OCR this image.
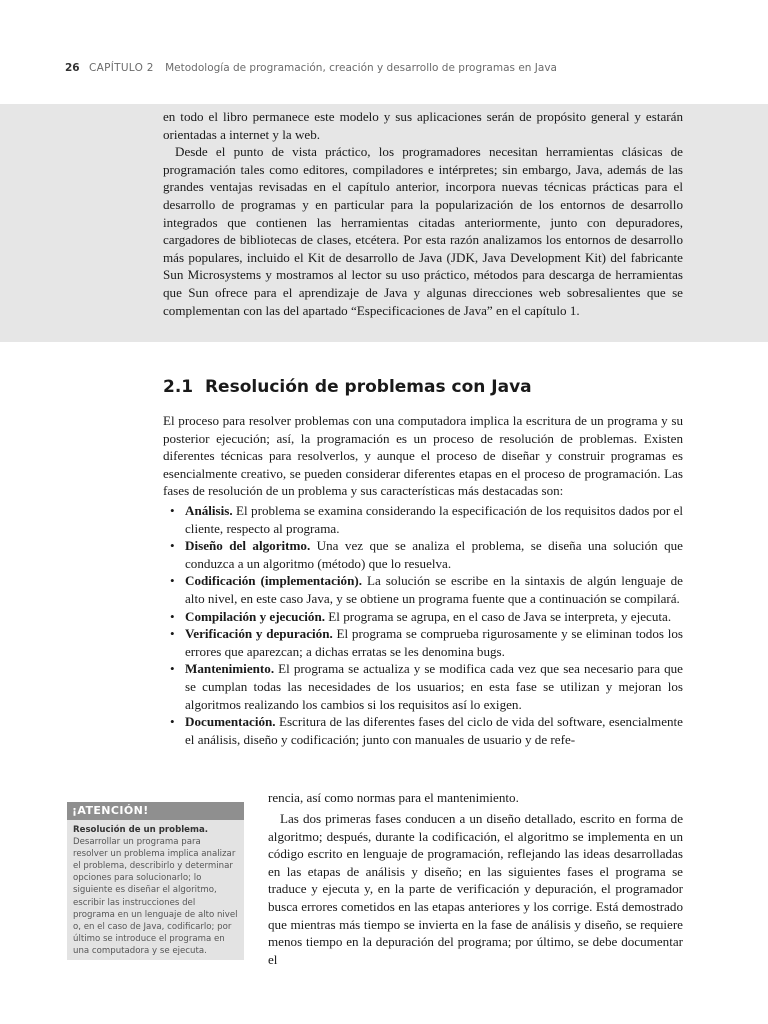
26 CAPÍTULO 2 Metodología de programación, creación y desarrollo de programas en Java

en todo el libro permanece este modelo y sus aplicaciones serán de propósito general y estarán orientadas a internet y la web.

Desde el punto de vista práctico, los programadores necesitan herramientas clásicas de programación tales como editores, compiladores e intérpretes; sin embargo, Java, además de las grandes ventajas revisadas en el capítulo anterior, incorpora nuevas técnicas prácticas para el desarrollo de programas y en particular para la popularización de los entornos de desarrollo integrados que contienen las herramientas citadas anteriormente, junto con depuradores, cargadores de bibliotecas de clases, etcétera. Por esta razón analizamos los entornos de desarrollo más populares, incluido el Kit de desarrollo de Java (JDK, Java Development Kit) del fabricante Sun Microsystems y mostramos al lector su uso práctico, métodos para descarga de herramientas que Sun ofrece para el aprendizaje de Java y algunas direcciones web sobresalientes que se complementan con las del apartado “Especificaciones de Java” en el capítulo 1.

2.1 Resolución de problemas con Java

El proceso para resolver problemas con una computadora implica la escritura de un programa y su posterior ejecución; así, la programación es un proceso de resolución de problemas. Existen diferentes técnicas para resolverlos, y aunque el proceso de diseñar y construir programas es esencialmente creativo, se pueden considerar diferentes etapas en el proceso de programación. Las fases de resolución de un problema y sus características más destacadas son:

• Análisis. El problema se examina considerando la especificación de los requisitos dados por el cliente, respecto al programa.
• Diseño del algoritmo. Una vez que se analiza el problema, se diseña una solución que conduzca a un algoritmo (método) que lo resuelva.
• Codificación (implementación). La solución se escribe en la sintaxis de algún lenguaje de alto nivel, en este caso Java, y se obtiene un programa fuente que a continuación se compilará.
• Compilación y ejecución. El programa se agrupa, en el caso de Java se interpreta, y ejecuta.
• Verificación y depuración. El programa se comprueba rigurosamente y se eliminan todos los errores que aparezcan; a dichas erratas se les denomina bugs.
• Mantenimiento. El programa se actualiza y se modifica cada vez que sea necesario para que se cumplan todas las necesidades de los usuarios; en esta fase se utilizan y mejoran los algoritmos realizando los cambios si los requisitos así lo exigen.
• Documentación. Escritura de las diferentes fases del ciclo de vida del software, esencialmente el análisis, diseño y codificación; junto con manuales de usuario y de refe-
rencia, así como normas para el mantenimiento.

Las dos primeras fases conducen a un diseño detallado, escrito en forma de algoritmo; después, durante la codificación, el algoritmo se implementa en un código escrito en lenguaje de programación, reflejando las ideas desarrolladas en las etapas de análisis y diseño; en las siguientes fases el programa se traduce y ejecuta y, en la parte de verificación y depuración, el programador busca errores cometidos en las etapas anteriores y los corrige. Está demostrado que mientras más tiempo se invierta en la fase de análisis y diseño, se requiere menos tiempo en la depuración del programa; por último, se debe documentar el

¡ATENCIÓN!
Resolución de un problema. Desarrollar un programa para resolver un problema implica analizar el problema, describirlo y determinar opciones para solucionarlo; lo siguiente es diseñar el algoritmo, escribir las instrucciones del programa en un lenguaje de alto nivel o, en el caso de Java, codificarlo; por último se introduce el programa en una computadora y se ejecuta.
